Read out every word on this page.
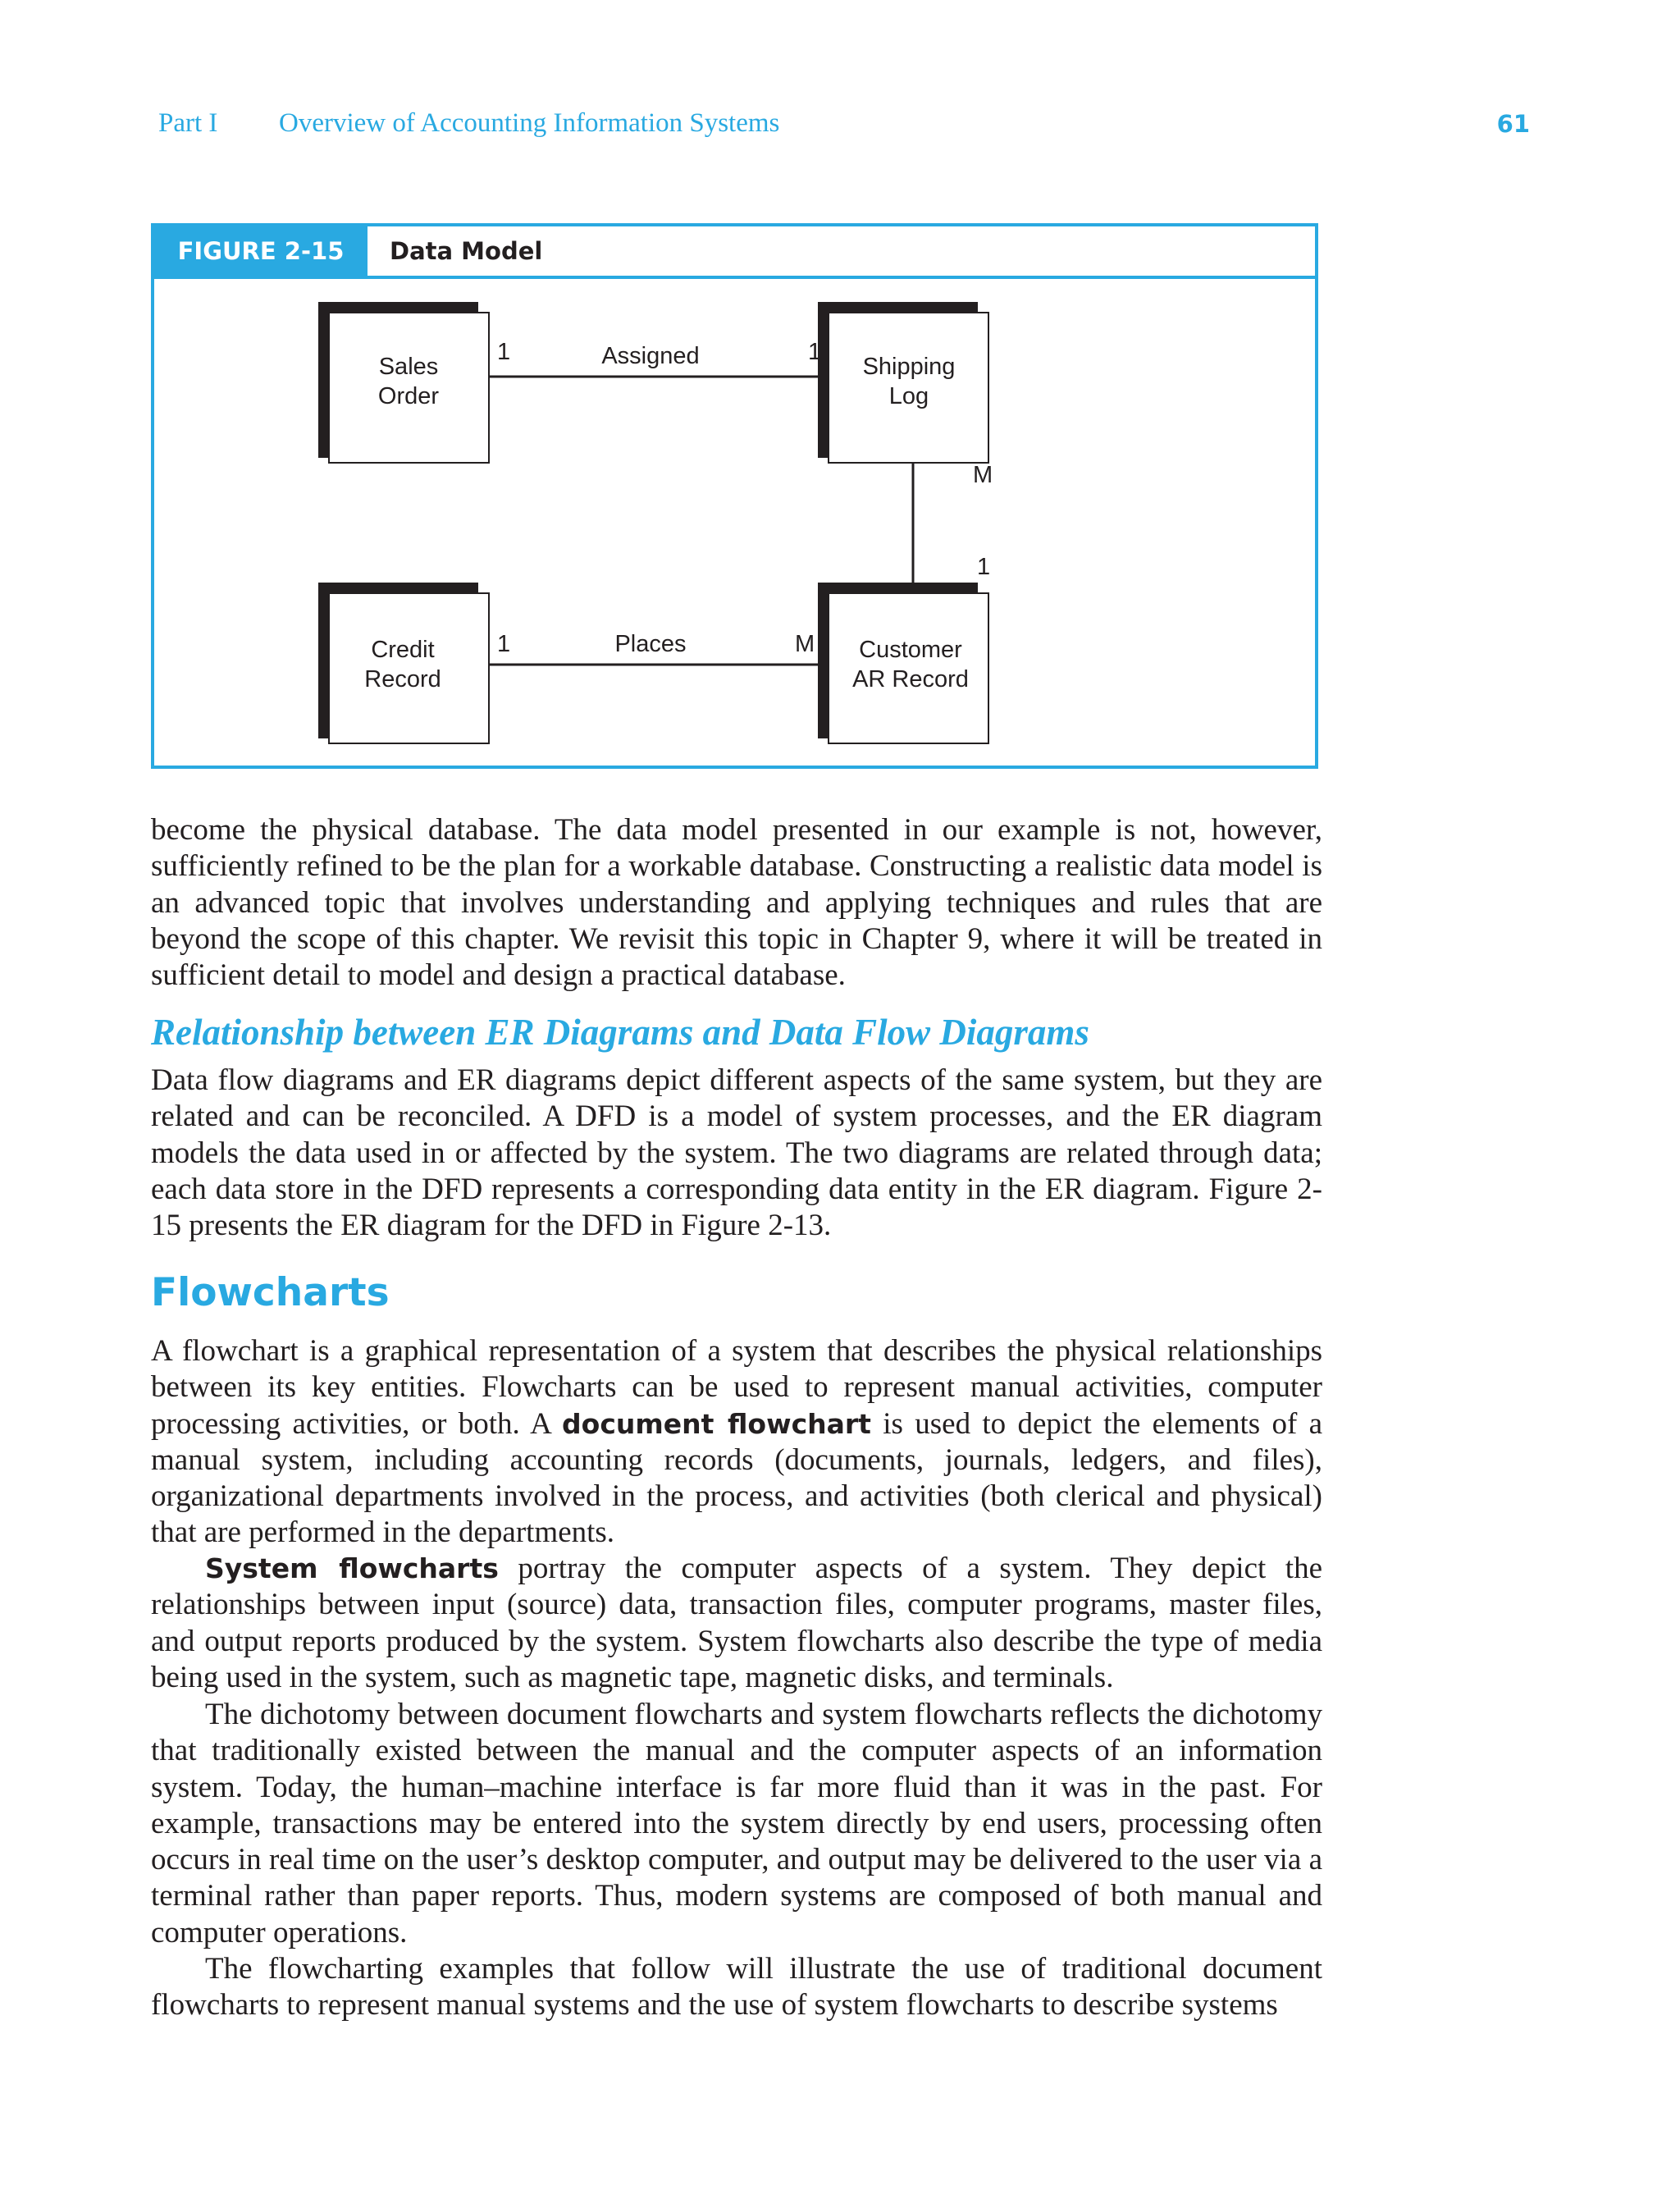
Part I Overview of Accounting Information Systems	61
FIGURE 2-15	Data Model
Sales
Order
Shipping
Log
Credit
Record
Customer
AR Record
1	Assigned	1
M
1
1	Places	M

become the physical database. The data model presented in our example is not, however, sufficiently refined to be the plan for a workable database. Constructing a realistic data model is an advanced topic that involves understanding and applying techniques and rules that are beyond the scope of this chapter. We revisit this topic in Chapter 9, where it will be treated in sufficient detail to model and design a practical database.

Relationship between ER Diagrams and Data Flow Diagrams

Data flow diagrams and ER diagrams depict different aspects of the same system, but they are related and can be reconciled. A DFD is a model of system processes, and the ER diagram models the data used in or affected by the system. The two diagrams are related through data; each data store in the DFD represents a corresponding data entity in the ER diagram. Figure 2-15 presents the ER diagram for the DFD in Figure 2-13.

Flowcharts

A flowchart is a graphical representation of a system that describes the physical relationships between its key entities. Flowcharts can be used to represent manual activities, computer processing activities, or both. A document flowchart is used to depict the elements of a manual system, including accounting records (documents, journals, ledgers, and files), organizational departments involved in the process, and activities (both clerical and physical) that are performed in the departments.

System flowcharts portray the computer aspects of a system. They depict the relationships between input (source) data, transaction files, computer programs, master files, and output reports produced by the system. System flowcharts also describe the type of media being used in the system, such as magnetic tape, magnetic disks, and terminals.

The dichotomy between document flowcharts and system flowcharts reflects the dichotomy that traditionally existed between the manual and the computer aspects of an information system. Today, the human–machine interface is far more fluid than it was in the past. For example, transactions may be entered into the system directly by end users, processing often occurs in real time on the user’s desktop computer, and output may be delivered to the user via a terminal rather than paper reports. Thus, modern systems are composed of both manual and computer operations.

The flowcharting examples that follow will illustrate the use of traditional document flowcharts to represent manual systems and the use of system flowcharts to describe systems
